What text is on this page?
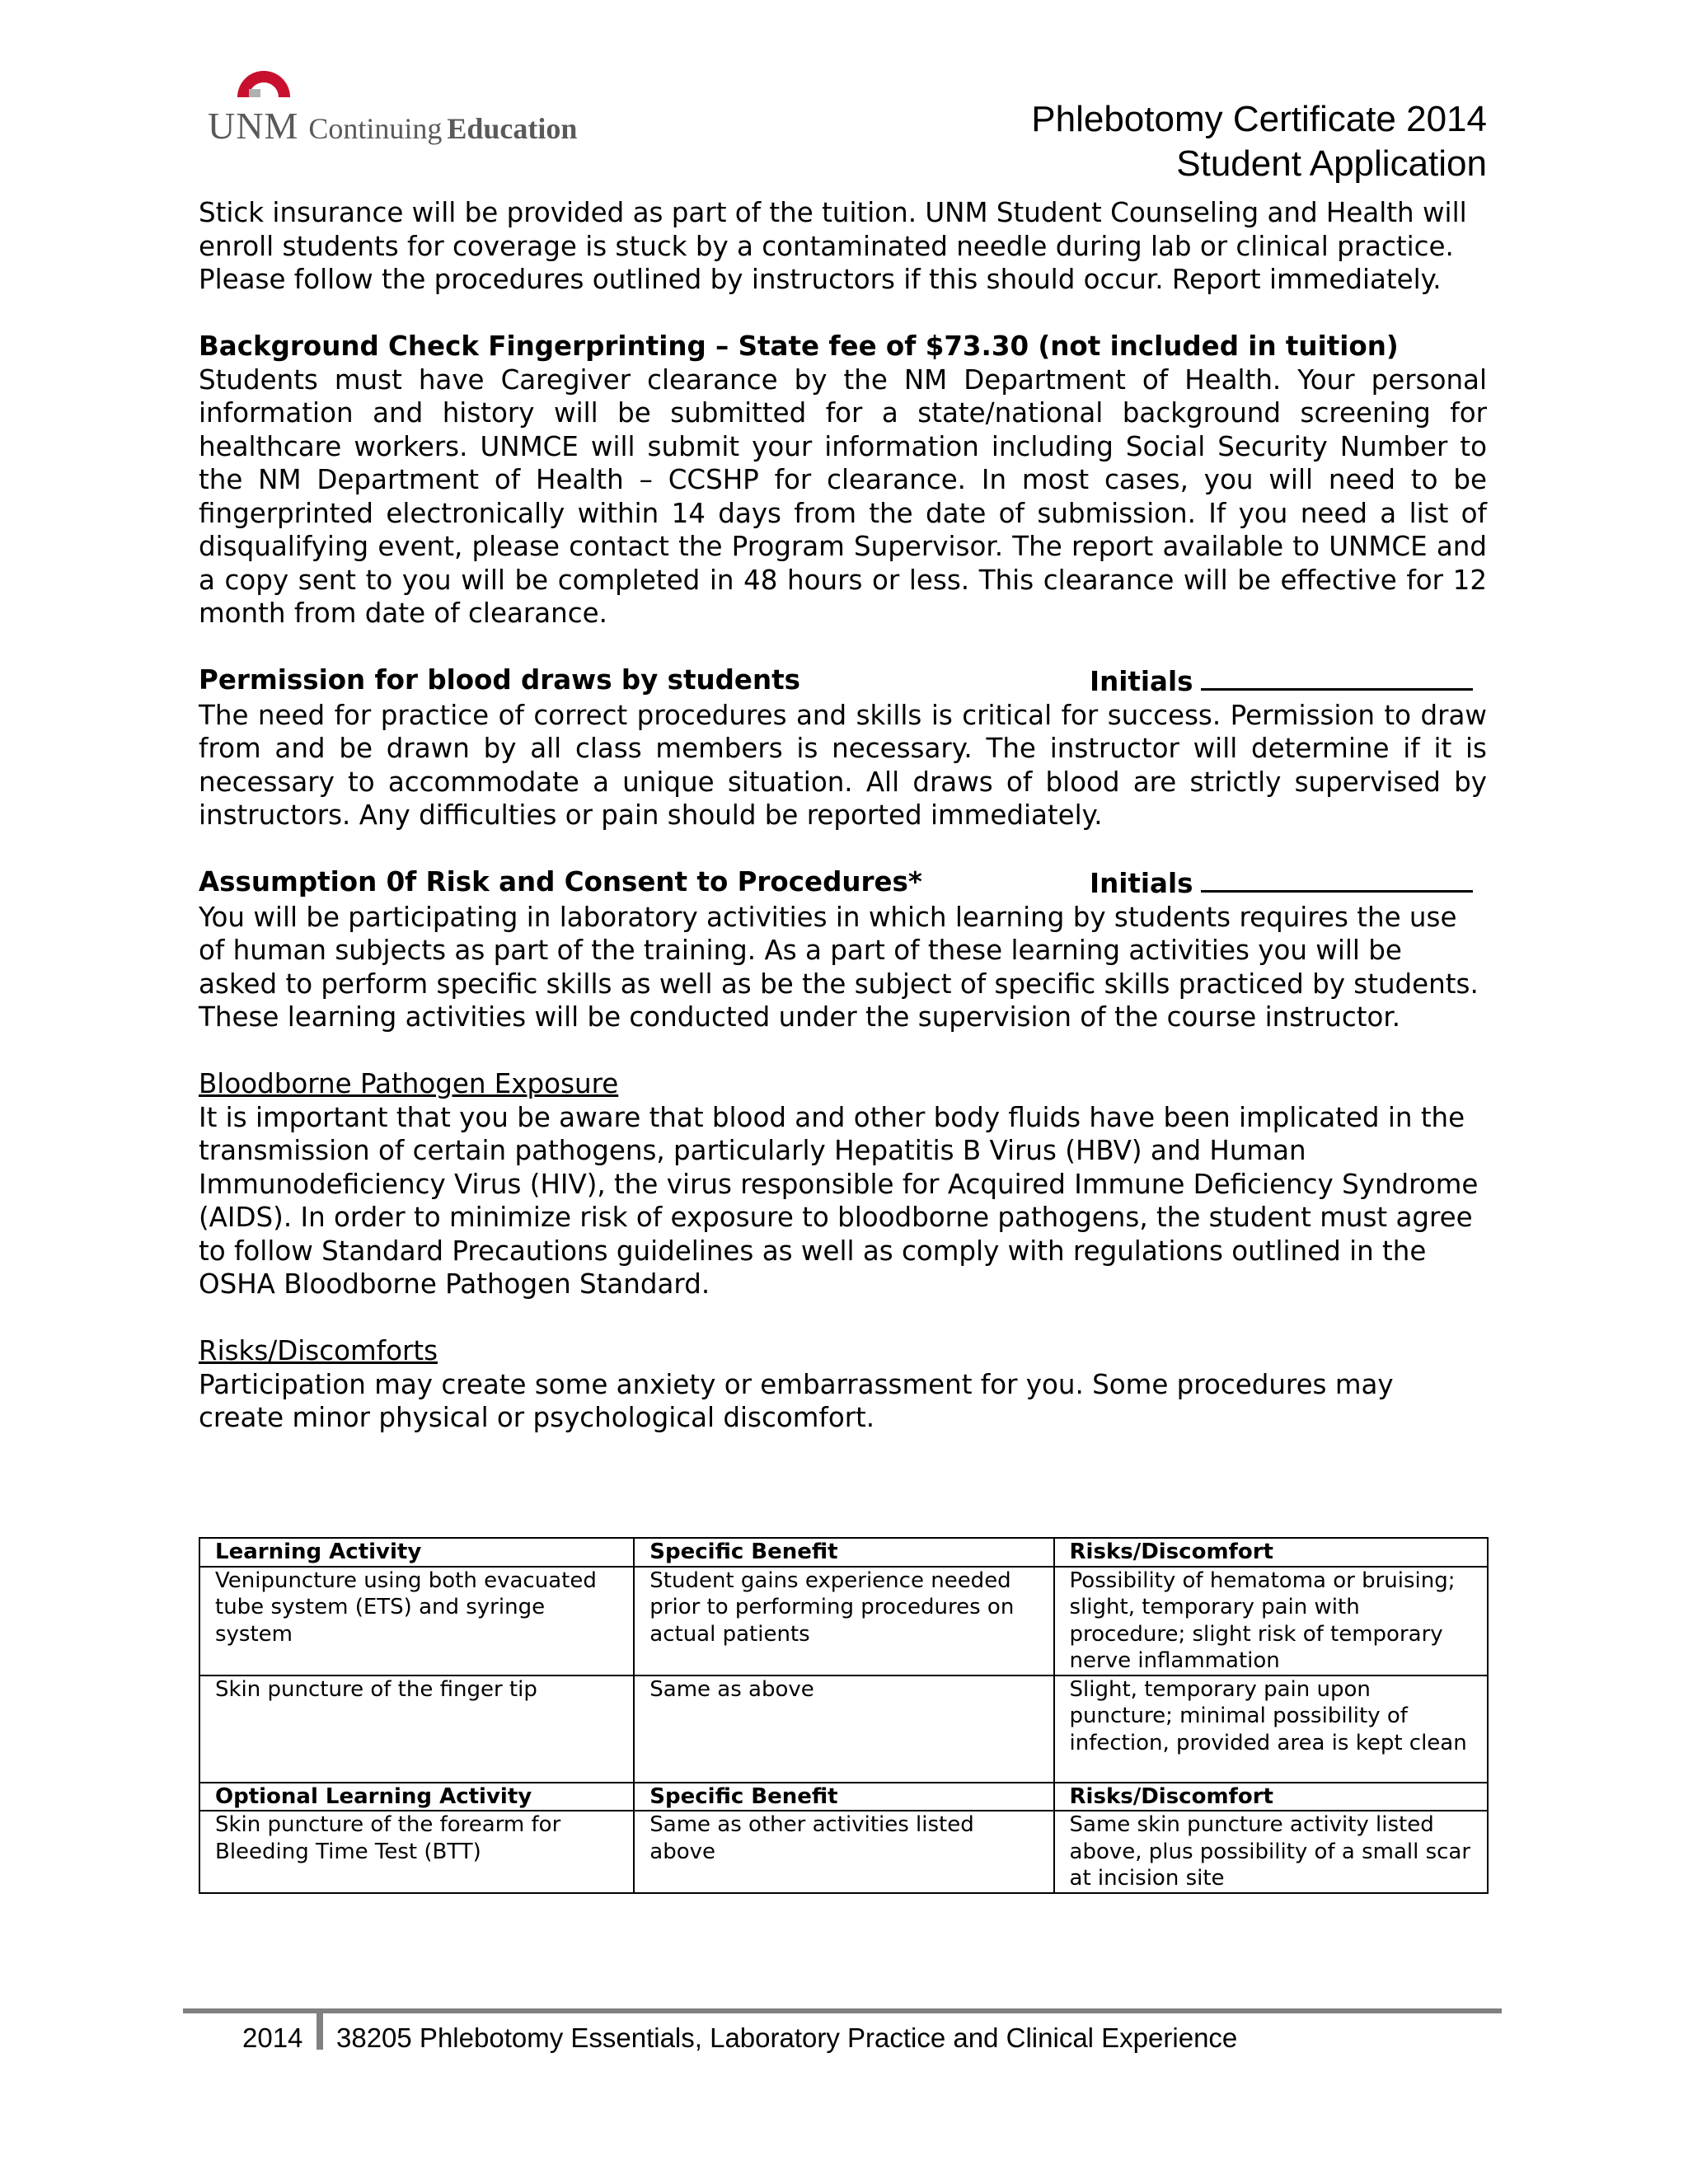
UNM Continuing Education	Phlebotomy Certificate 2014
Student Application

Stick insurance will be provided as part of the tuition. UNM Student Counseling and Health will enroll students for coverage is stuck by a contaminated needle during lab or clinical practice. Please follow the procedures outlined by instructors if this should occur. Report immediately.

Background Check Fingerprinting – State fee of $73.30 (not included in tuition)

Students must have Caregiver clearance by the NM Department of Health. Your personal information and history will be submitted for a state/national background screening for healthcare workers. UNMCE will submit your information including Social Security Number to the NM Department of Health – CCSHP for clearance. In most cases, you will need to be fingerprinted electronically within 14 days from the date of submission. If you need a list of disqualifying event, please contact the Program Supervisor. The report available to UNMCE and a copy sent to you will be completed in 48 hours or less. This clearance will be effective for 12 month from date of clearance.

Permission for blood draws by students	Initials

The need for practice of correct procedures and skills is critical for success. Permission to draw from and be drawn by all class members is necessary. The instructor will determine if it is necessary to accommodate a unique situation. All draws of blood are strictly supervised by instructors. Any difficulties or pain should be reported immediately.

Assumption 0f Risk and Consent to Procedures*	Initials

You will be participating in laboratory activities in which learning by students requires the use of human subjects as part of the training. As a part of these learning activities you will be asked to perform specific skills as well as be the subject of specific skills practiced by students. These learning activities will be conducted under the supervision of the course instructor.

Bloodborne Pathogen Exposure

It is important that you be aware that blood and other body fluids have been implicated in the transmission of certain pathogens, particularly Hepatitis B Virus (HBV) and Human Immunodeficiency Virus (HIV), the virus responsible for Acquired Immune Deficiency Syndrome (AIDS). In order to minimize risk of exposure to bloodborne pathogens, the student must agree to follow Standard Precautions guidelines as well as comply with regulations outlined in the OSHA Bloodborne Pathogen Standard.

Risks/Discomforts

Participation may create some anxiety or embarrassment for you. Some procedures may create minor physical or psychological discomfort.

Learning Activity	Specific Benefit	Risks/Discomfort
Venipuncture using both evacuated tube system (ETS) and syringe system	Student gains experience needed prior to performing procedures on actual patients	Possibility of hematoma or bruising; slight, temporary pain with procedure; slight risk of temporary nerve inflammation
Skin puncture of the finger tip	Same as above	Slight, temporary pain upon puncture; minimal possibility of infection, provided area is kept clean
Optional Learning Activity	Specific Benefit	Risks/Discomfort
Skin puncture of the forearm for Bleeding Time Test (BTT)	Same as other activities listed above	Same skin puncture activity listed above, plus possibility of a small scar at incision site
2014 38205 Phlebotomy Essentials, Laboratory Practice and Clinical Experience
